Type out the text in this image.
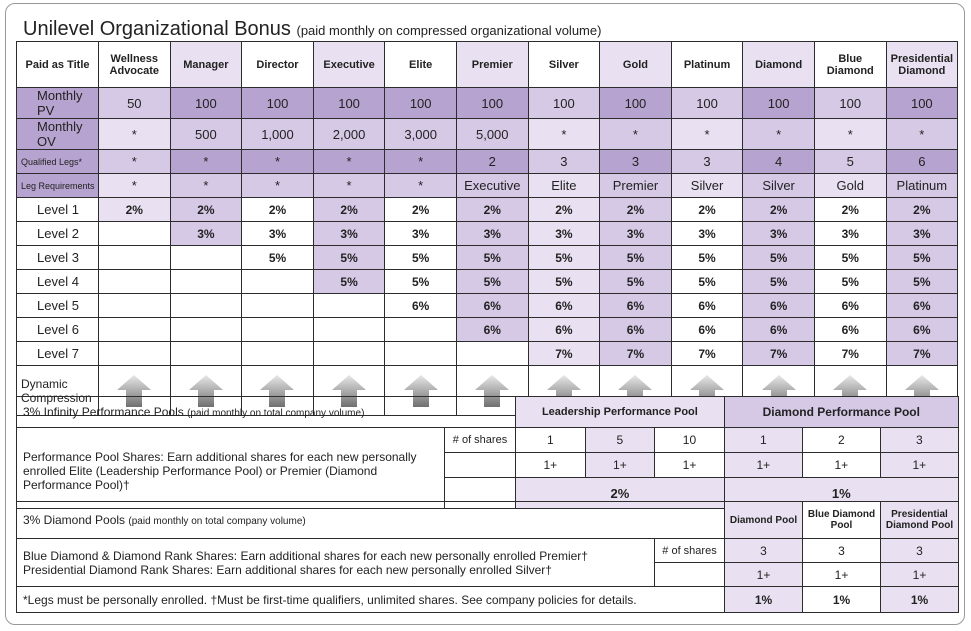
Unilevel Organizational Bonus (paid monthly on compressed organizational volume)
Paid as Title	Wellness Advocate	Manager	Director	Executive	Elite	Premier	Silver	Gold	Platinum	Diamond	Blue Diamond	Presidential Diamond
Monthly PV	50	100	100	100	100	100	100	100	100	100	100	100
Monthly OV	*	500	1,000	2,000	3,000	5,000	*	*	*	*	*	*
Qualified Legs*	*	*	*	*	*	2	3	3	3	4	5	6
Leg Requirements	*	*	*	*	*	Executive	Elite	Premier	Silver	Silver	Gold	Platinum
Level 1	2%	2%	2%	2%	2%	2%	2%	2%	2%	2%	2%	2%
Level 2		3%	3%	3%	3%	3%	3%	3%	3%	3%	3%	3%
Level 3			5%	5%	5%	5%	5%	5%	5%	5%	5%	5%
Level 4				5%	5%	5%	5%	5%	5%	5%	5%	5%
Level 5					6%	6%	6%	6%	6%	6%	6%	6%
Level 6						6%	6%	6%	6%	6%	6%	6%
Level 7							7%	7%	7%	7%	7%	7%
Dynamic Compression												
3% Infinity Performance Pools (paid monthly on total company volume)		Leadership Performance Pool			Diamond Performance Pool		
Performance Pool Shares: Earn additional shares for each new personally enrolled Elite (Leadership Performance Pool) or Premier (Diamond Performance Pool)†	# of shares	1	5	10	1	2	3
		1+	1+	1+	1+	1+	1+
		2%			1%		
3% Diamond Pools (paid monthly on total company volume)		Diamond Pool	Blue Diamond Pool	Presidential Diamond Pool

Blue Diamond & Diamond Rank Shares: Earn additional shares for each new personally enrolled Premier†
Presidential Diamond Rank Shares: Earn additional shares for each new personally enrolled Silver†	# of shares	3	3	3
		1+	1+	1+
*Legs must be personally enrolled. †Must be first-time qualifiers, unlimited shares. See company policies for details.		1%	1%	1%
